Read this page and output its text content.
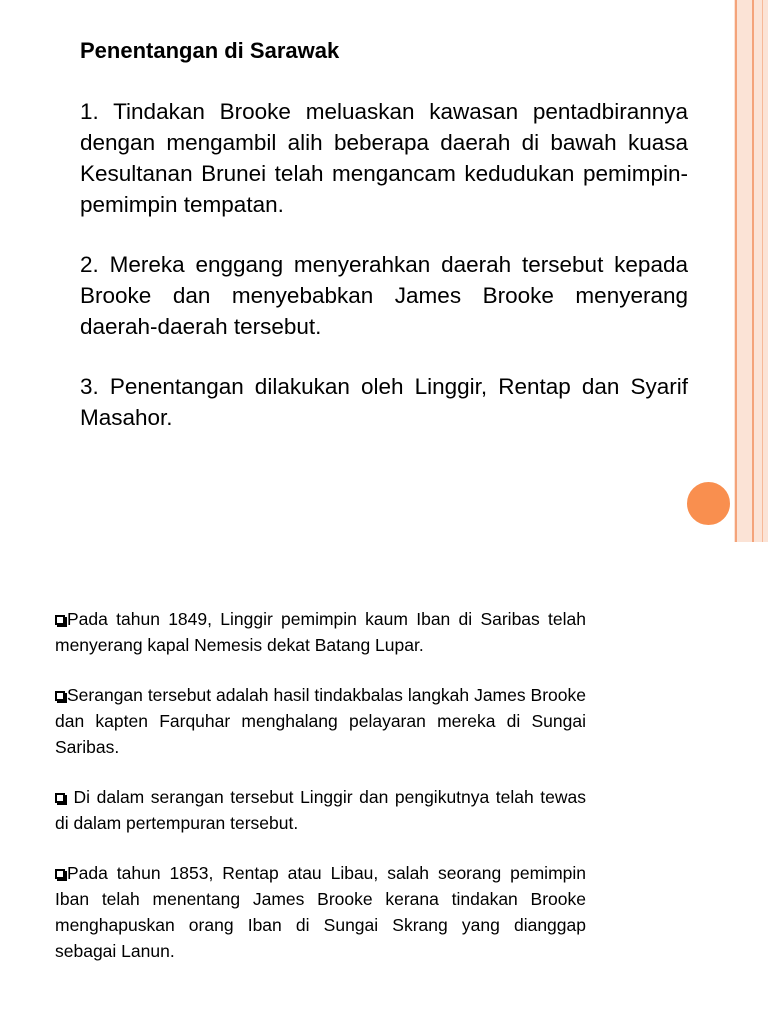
Penentangan di Sarawak

1. Tindakan Brooke meluaskan kawasan pentadbirannya dengan mengambil alih beberapa daerah di bawah kuasa Kesultanan Brunei telah mengancam kedudukan pemimpin-pemimpin tempatan.

2. Mereka enggang menyerahkan daerah tersebut kepada Brooke dan menyebabkan James Brooke menyerang daerah-daerah tersebut.

3. Penentangan dilakukan oleh Linggir, Rentap dan Syarif Masahor.

Pada tahun 1849, Linggir pemimpin kaum Iban di Saribas telah menyerang kapal Nemesis dekat Batang Lupar.

Serangan tersebut adalah hasil tindakbalas langkah James Brooke dan kapten Farquhar menghalang pelayaran mereka di Sungai Saribas.

Di dalam serangan tersebut Linggir dan pengikutnya telah tewas di dalam pertempuran tersebut.

Pada tahun 1853, Rentap atau Libau, salah seorang pemimpin Iban telah menentang James Brooke kerana tindakan Brooke menghapuskan orang Iban di Sungai Skrang yang dianggap sebagai Lanun.
